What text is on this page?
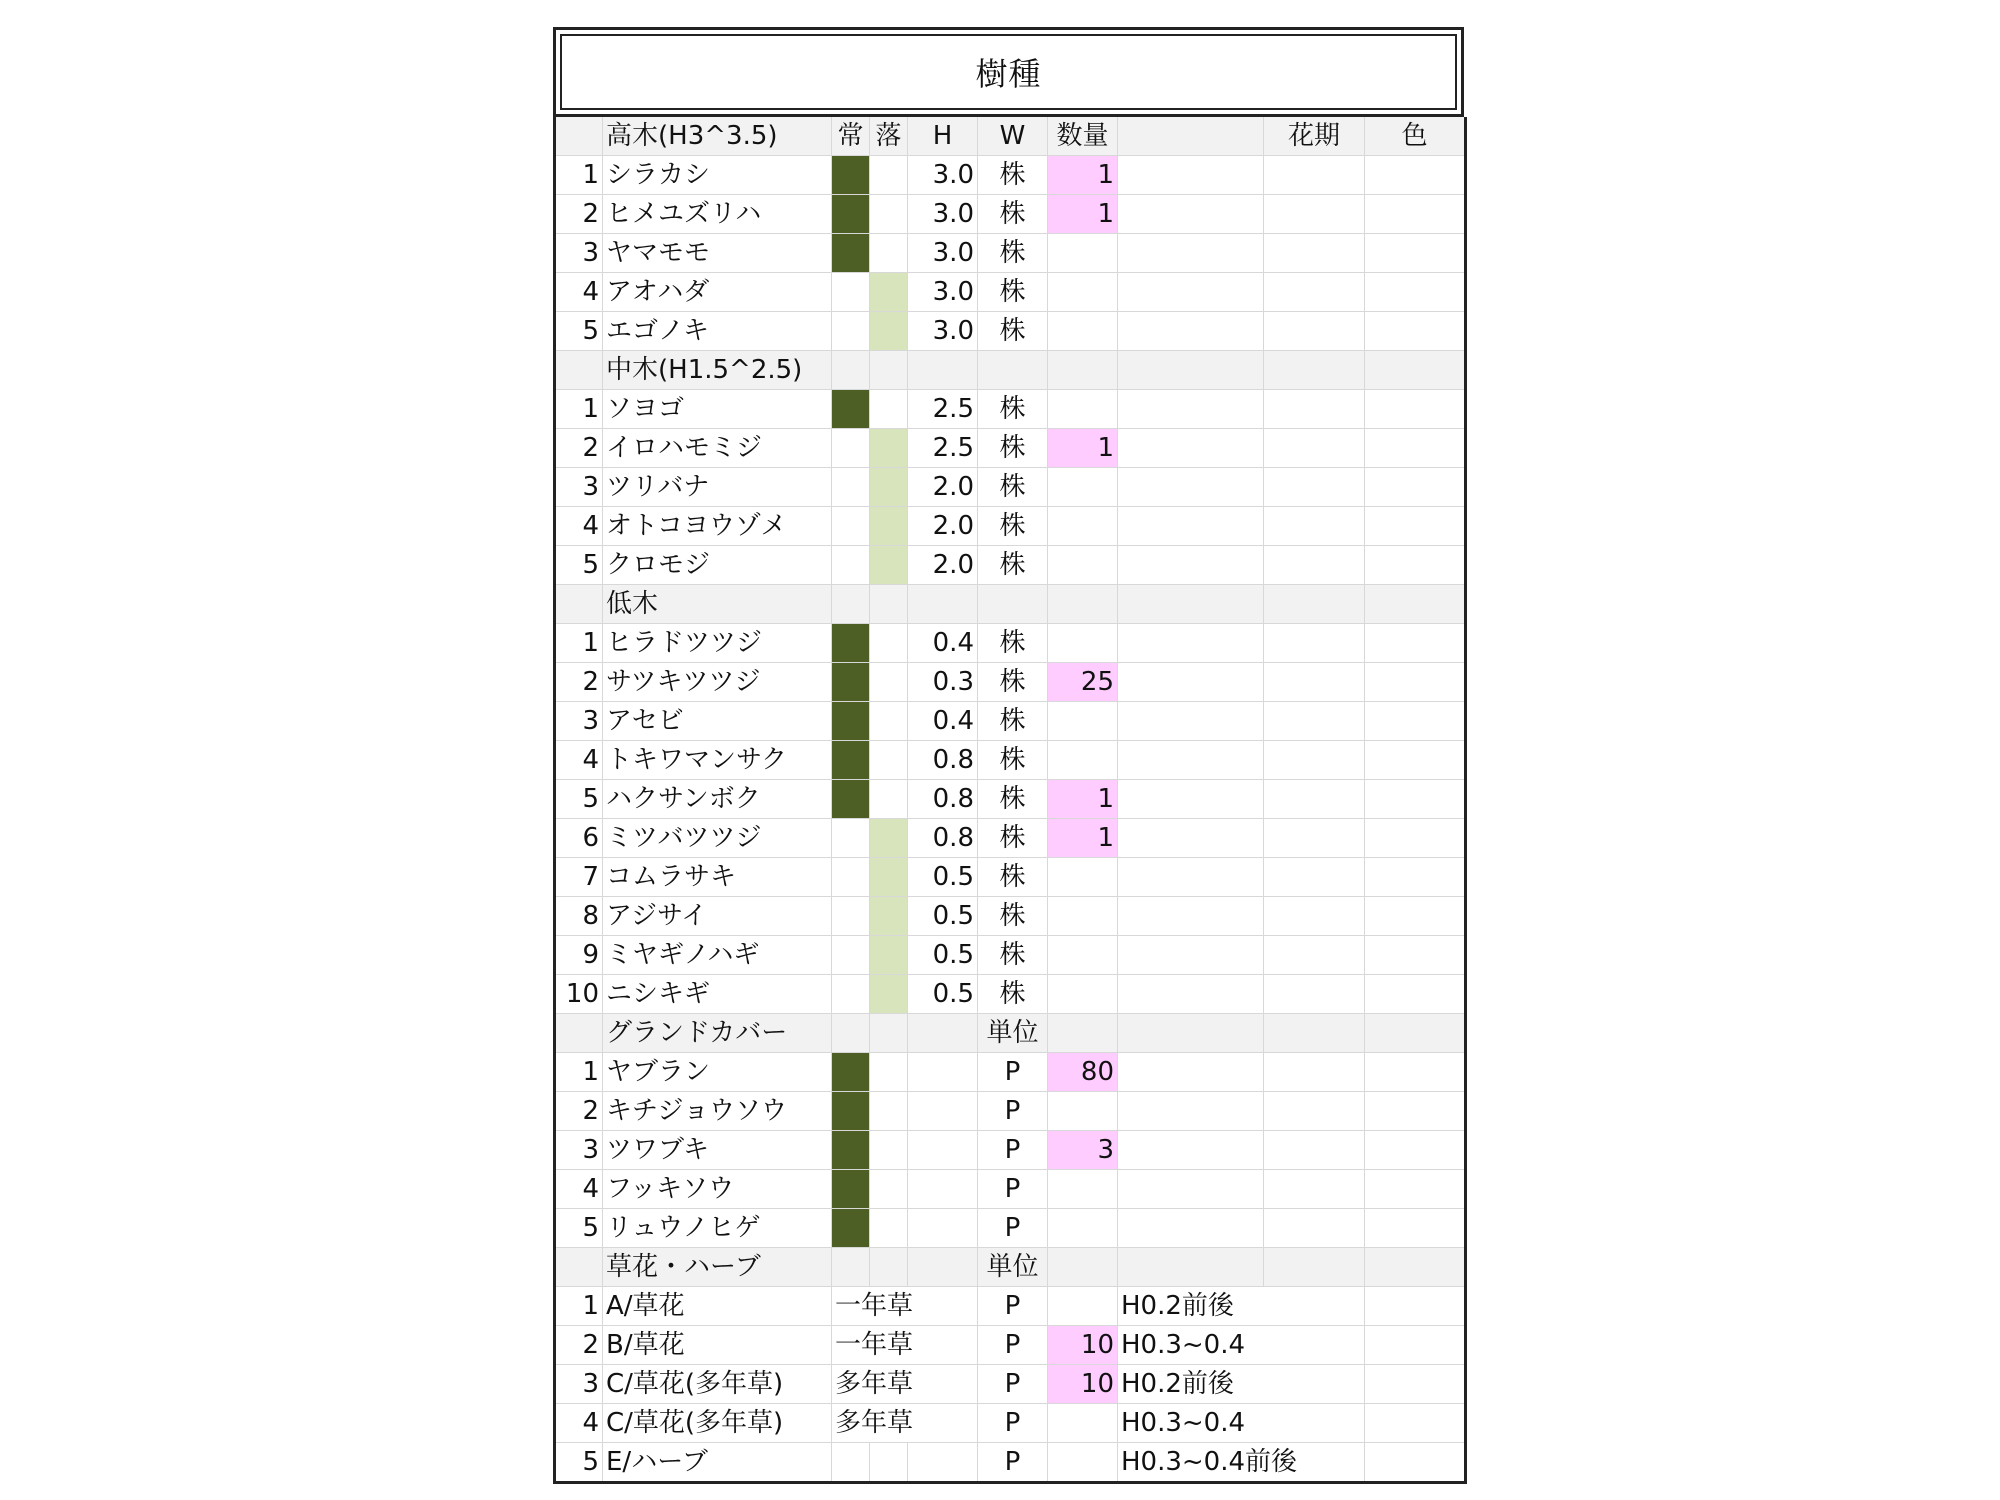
樹種
	高木(H3^3.5)	常	落	H	W	数量		花期	色
1	シラカシ			3.0	株	1			
2	ヒメユズリハ			3.0	株	1			
3	ヤマモモ			3.0	株				
4	アオハダ			3.0	株				
5	エゴノキ			3.0	株				
	中木(H1.5^2.5)								
1	ソヨゴ			2.5	株				
2	イロハモミジ			2.5	株	1			
3	ツリバナ			2.0	株				
4	オトコヨウゾメ			2.0	株				
5	クロモジ			2.0	株				
	低木								
1	ヒラドツツジ			0.4	株				
2	サツキツツジ			0.3	株	25			
3	アセビ			0.4	株				
4	トキワマンサク			0.8	株				
5	ハクサンボク			0.8	株	1			
6	ミツバツツジ			0.8	株	1			
7	コムラサキ			0.5	株				
8	アジサイ			0.5	株				
9	ミヤギノハギ			0.5	株				
10	ニシキギ			0.5	株				
	グランドカバー				単位				
1	ヤブラン				P	80			
2	キチジョウソウ				P				
3	ツワブキ				P	3			
4	フッキソウ				P				
5	リュウノヒゲ				P				
	草花・ハーブ				単位				
1	A/草花	一年草			P		H0.2前後		
2	B/草花	一年草			P	10	H0.3~0.4		
3	C/草花(多年草)	多年草			P	10	H0.2前後		
4	C/草花(多年草)	多年草			P		H0.3~0.4		
5	E/ハーブ				P		H0.3~0.4前後		
